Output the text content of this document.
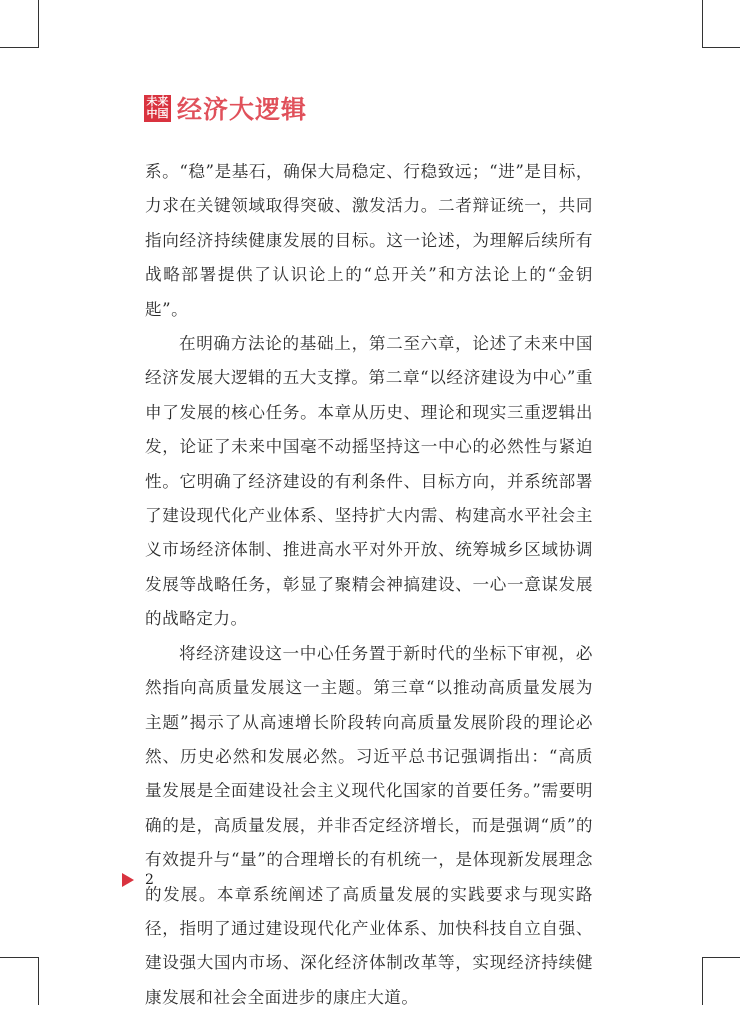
未来
中国 经济大逻辑

系。“稳”是基石，确保大局稳定、行稳致远；“进”是目标，力求在关键领域取得突破、激发活力。二者辩证统一，共同指向经济持续健康发展的目标。这一论述，为理解后续所有战略部署提供了认识论上的“总开关”和方法论上的“金钥匙”。

在明确方法论的基础上，第二至六章，论述了未来中国经济发展大逻辑的五大支撑。第二章“以经济建设为中心”重申了发展的核心任务。本章从历史、理论和现实三重逻辑出发，论证了未来中国毫不动摇坚持这一中心的必然性与紧迫性。它明确了经济建设的有利条件、目标方向，并系统部署了建设现代化产业体系、坚持扩大内需、构建高水平社会主义市场经济体制、推进高水平对外开放、统筹城乡区域协调发展等战略任务，彰显了聚精会神搞建设、一心一意谋发展的战略定力。

将经济建设这一中心任务置于新时代的坐标下审视，必然指向高质量发展这一主题。第三章“以推动高质量发展为主题”揭示了从高速增长阶段转向高质量发展阶段的理论必然、历史必然和发展必然。习近平总书记强调指出：“高质量发展是全面建设社会主义现代化国家的首要任务。”需要明确的是，高质量发展，并非否定经济增长，而是强调“质”的有效提升与“量”的合理增长的有机统一，是体现新发展理念的发展。本章系统阐述了高质量发展的实践要求与现实路径，指明了通过建设现代化产业体系、加快科技自立自强、建设强大国内市场、深化经济体制改革等，实现经济持续健康发展和社会全面进步的康庄大道。

2
